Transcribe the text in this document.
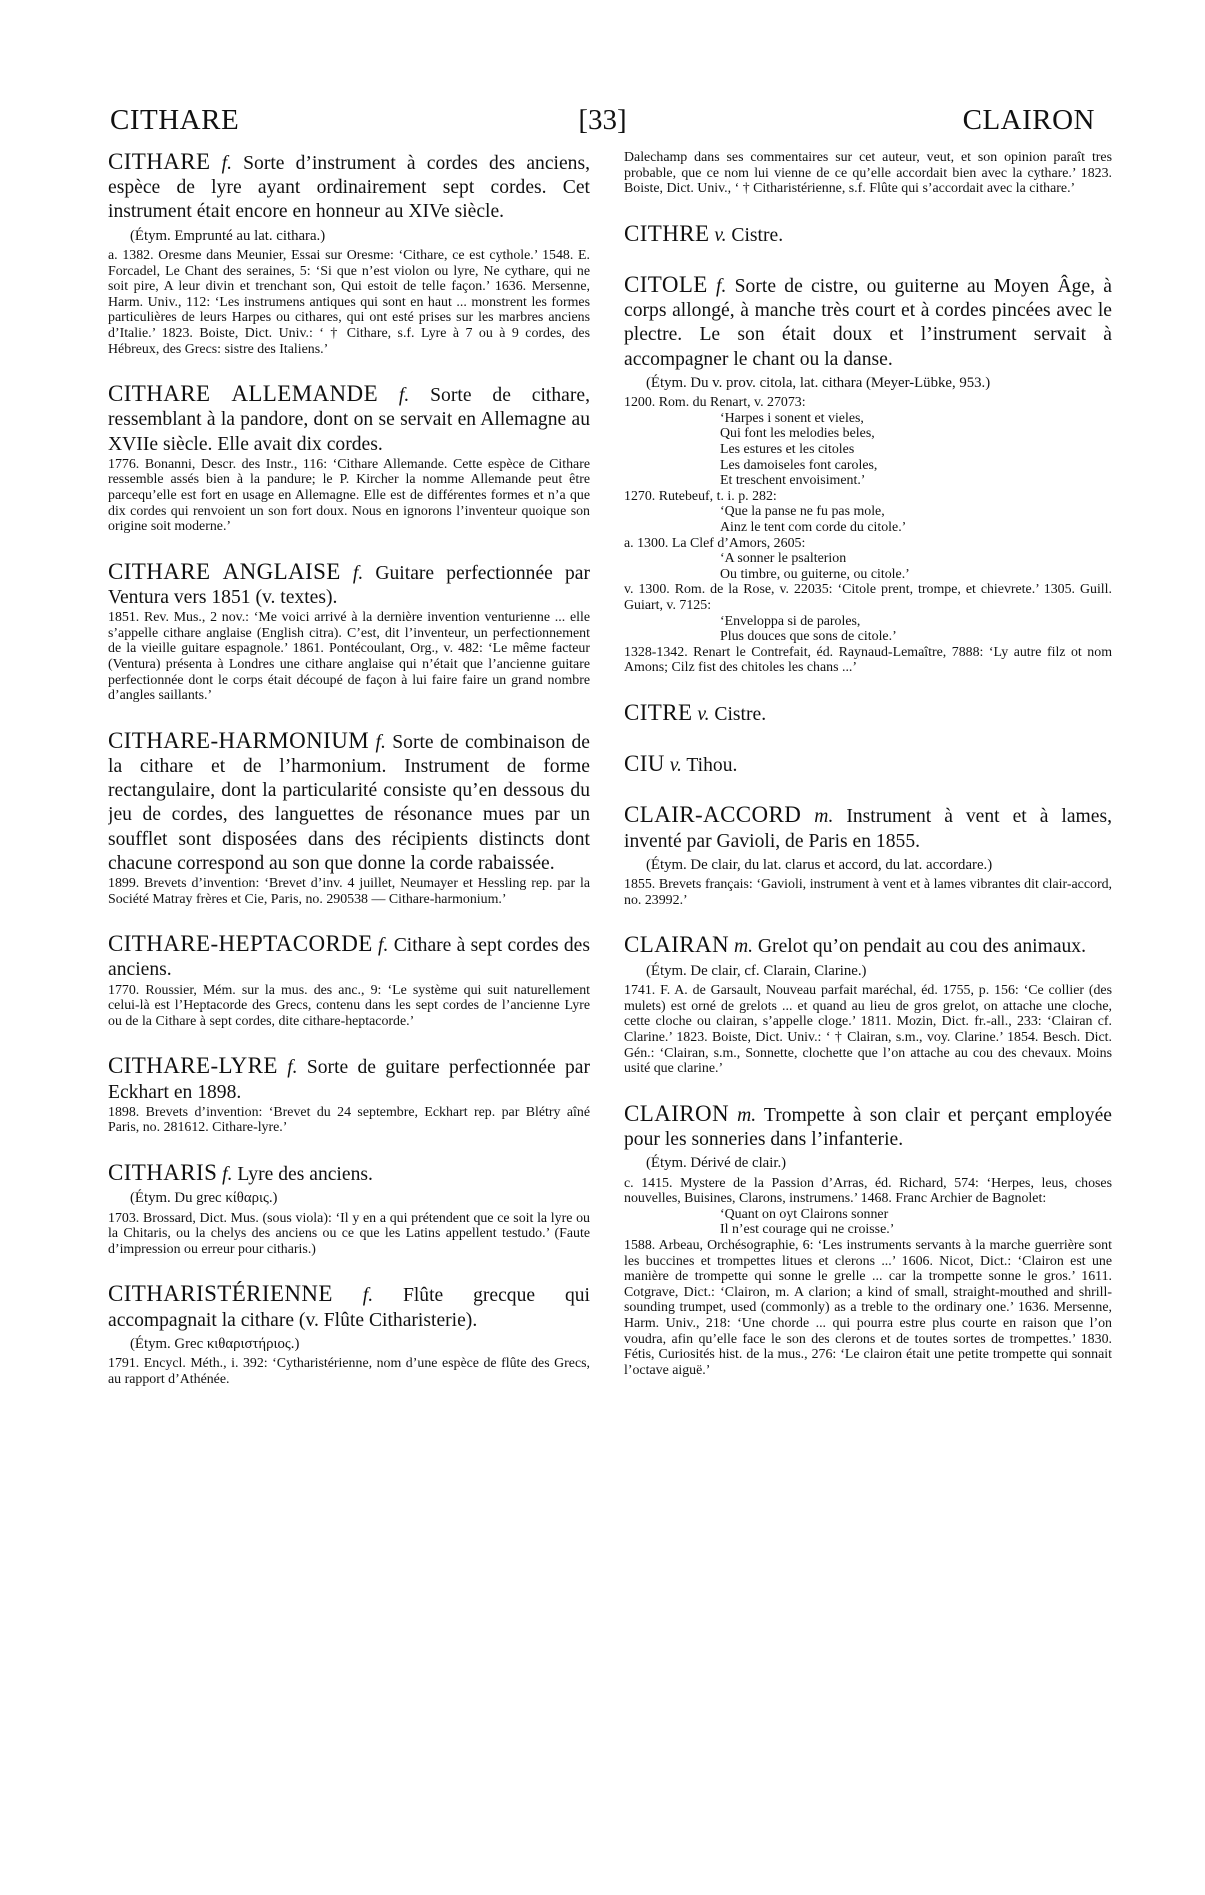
CITHARE	[33]	CLAIRON

CITHARE f. Sorte d’instrument à cordes des anciens, espèce de lyre ayant ordinairement sept cordes. Cet instrument était encore en honneur au XIVe siècle.

(Étym. Emprunté au lat. cithara.)

a. 1382. Oresme dans Meunier, Essai sur Oresme: ‘Cithare, ce est cythole.’ 1548. E. Forcadel, Le Chant des seraines, 5: ‘Si que n’est violon ou lyre, Ne cythare, qui ne soit pire, A leur divin et trenchant son, Qui estoit de telle façon.’ 1636. Mersenne, Harm. Univ., 112: ‘Les instrumens antiques qui sont en haut ... monstrent les formes particulières de leurs Harpes ou cithares, qui ont esté prises sur les marbres anciens d’Italie.’ 1823. Boiste, Dict. Univ.: ‘ † Cithare, s.f. Lyre à 7 ou à 9 cordes, des Hébreux, des Grecs: sistre des Italiens.’

CITHARE ALLEMANDE f. Sorte de cithare, ressemblant à la pandore, dont on se servait en Allemagne au XVIIe siècle. Elle avait dix cordes.

1776. Bonanni, Descr. des Instr., 116: ‘Cithare Allemande. Cette espèce de Cithare ressemble assés bien à la pandure; le P. Kircher la nomme Allemande peut être parcequ’elle est fort en usage en Allemagne. Elle est de différentes formes et n’a que dix cordes qui renvoient un son fort doux. Nous en ignorons l’inventeur quoique son origine soit moderne.’

CITHARE ANGLAISE f. Guitare perfectionnée par Ventura vers 1851 (v. textes).

1851. Rev. Mus., 2 nov.: ‘Me voici arrivé à la dernière invention venturienne ... elle s’appelle cithare anglaise (English citra). C’est, dit l’inventeur, un perfectionnement de la vieille guitare espagnole.’ 1861. Pontécoulant, Org., v. 482: ‘Le même facteur (Ventura) présenta à Londres une cithare anglaise qui n’était que l’ancienne guitare perfectionnée dont le corps était découpé de façon à lui faire faire un grand nombre d’angles saillants.’

CITHARE-HARMONIUM f. Sorte de combinaison de la cithare et de l’harmonium. Instrument de forme rectangulaire, dont la particularité consiste qu’en dessous du jeu de cordes, des languettes de résonance mues par un soufflet sont disposées dans des récipients distincts dont chacune correspond au son que donne la corde rabaissée.

1899. Brevets d’invention: ‘Brevet d’inv. 4 juillet, Neumayer et Hessling rep. par la Société Matray frères et Cie, Paris, no. 290538 — Cithare-harmonium.’

CITHARE-HEPTACORDE f. Cithare à sept cordes des anciens.

1770. Roussier, Mém. sur la mus. des anc., 9: ‘Le système qui suit naturellement celui-là est l’Heptacorde des Grecs, contenu dans les sept cordes de l’ancienne Lyre ou de la Cithare à sept cordes, dite cithare-heptacorde.’

CITHARE-LYRE f. Sorte de guitare perfectionnée par Eckhart en 1898.

1898. Brevets d’invention: ‘Brevet du 24 septembre, Eckhart rep. par Blétry aîné Paris, no. 281612. Cithare-lyre.’

CITHARIS f. Lyre des anciens.

(Étym. Du grec κίθαρις.)

1703. Brossard, Dict. Mus. (sous viola): ‘Il y en a qui prétendent que ce soit la lyre ou la Chitaris, ou la chelys des anciens ou ce que les Latins appellent testudo.’ (Faute d’impression ou erreur pour citharis.)

CITHARISTÉRIENNE f. Flûte grecque qui accompagnait la cithare (v. Flûte Citharisterie).

(Étym. Grec κιθαριστήριος.)

1791. Encycl. Méth., i. 392: ‘Cytharistérienne, nom d’une espèce de flûte des Grecs, au rapport d’Athénée.

Dalechamp dans ses commentaires sur cet auteur, veut, et son opinion paraît tres probable, que ce nom lui vienne de ce qu’elle accordait bien avec la cythare.’ 1823. Boiste, Dict. Univ., ‘ † Citharistérienne, s.f. Flûte qui s’accordait avec la cithare.’

CITHRE v. Cistre.

CITOLE f. Sorte de cistre, ou guiterne au Moyen Âge, à corps allongé, à manche très court et à cordes pincées avec le plectre. Le son était doux et l’instrument servait à accompagner le chant ou la danse.

(Étym. Du v. prov. citola, lat. cithara (Meyer-Lübke, 953.)

1200. Rom. du Renart, v. 27073:

‘Harpes i sonent et vieles,
Qui font les melodies beles,
Les estures et les citoles
Les damoiseles font caroles,
Et treschent envoisiment.’

1270. Rutebeuf, t. i. p. 282:

‘Que la panse ne fu pas mole,
Ainz le tent com corde du citole.’

a. 1300. La Clef d’Amors, 2605:

‘A sonner le psalterion
Ou timbre, ou guiterne, ou citole.’

v. 1300. Rom. de la Rose, v. 22035: ‘Citole prent, trompe, et chievrete.’ 1305. Guill. Guiart, v. 7125:

‘Enveloppa si de paroles,
Plus douces que sons de citole.’

1328-1342. Renart le Contrefait, éd. Raynaud-Lemaître, 7888: ‘Ly autre filz ot nom Amons; Cilz fist des chitoles les chans ...’

CITRE v. Cistre.

CIU v. Tihou.

CLAIR-ACCORD m. Instrument à vent et à lames, inventé par Gavioli, de Paris en 1855.

(Étym. De clair, du lat. clarus et accord, du lat. accordare.)

1855. Brevets français: ‘Gavioli, instrument à vent et à lames vibrantes dit clair-accord, no. 23992.’

CLAIRAN m. Grelot qu’on pendait au cou des animaux.

(Étym. De clair, cf. Clarain, Clarine.)

1741. F. A. de Garsault, Nouveau parfait maréchal, éd. 1755, p. 156: ‘Ce collier (des mulets) est orné de grelots ... et quand au lieu de gros grelot, on attache une cloche, cette cloche ou clairan, s’appelle cloge.’ 1811. Mozin, Dict. fr.-all., 233: ‘Clairan cf. Clarine.’ 1823. Boiste, Dict. Univ.: ‘ † Clairan, s.m., voy. Clarine.’ 1854. Besch. Dict. Gén.: ‘Clairan, s.m., Sonnette, clochette que l’on attache au cou des chevaux. Moins usité que clarine.’

CLAIRON m. Trompette à son clair et perçant employée pour les sonneries dans l’infanterie.

(Étym. Dérivé de clair.)

c. 1415. Mystere de la Passion d’Arras, éd. Richard, 574: ‘Herpes, leus, choses nouvelles, Buisines, Clarons, instrumens.’ 1468. Franc Archier de Bagnolet:

‘Quant on oyt Clairons sonner
Il n’est courage qui ne croisse.’

1588. Arbeau, Orchésographie, 6: ‘Les instruments servants à la marche guerrière sont les buccines et trompettes litues et clerons ...’ 1606. Nicot, Dict.: ‘Clairon est une manière de trompette qui sonne le grelle ... car la trompette sonne le gros.’ 1611. Cotgrave, Dict.: ‘Clairon, m. A clarion; a kind of small, straight-mouthed and shrill-sounding trumpet, used (commonly) as a treble to the ordinary one.’ 1636. Mersenne, Harm. Univ., 218: ‘Une chorde ... qui pourra estre plus courte en raison que l’on voudra, afin qu’elle face le son des clerons et de toutes sortes de trompettes.’ 1830. Fétis, Curiosités hist. de la mus., 276: ‘Le clairon était une petite trompette qui sonnait l’octave aiguë.’
